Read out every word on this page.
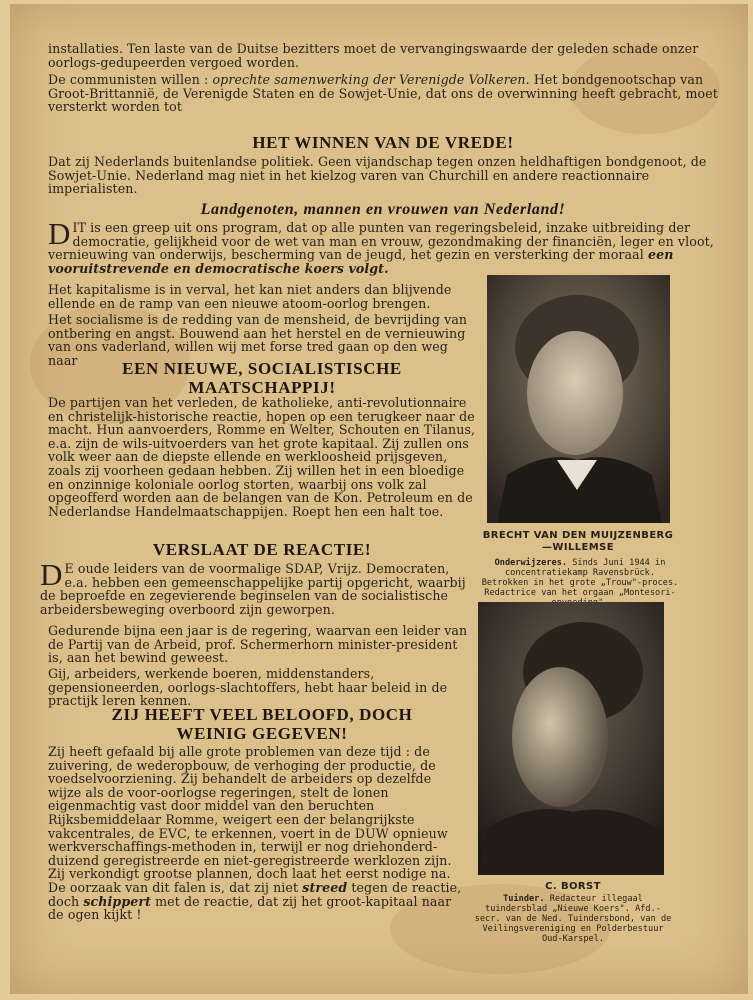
installaties. Ten laste van de Duitse bezitters moet de vervangingswaarde der geleden schade onzer oorlogs-gedupeerden vergoed worden.

De communisten willen : oprechte samenwerking der Verenigde Volkeren. Het bondgenootschap van Groot-Brittannië, de Verenigde Staten en de Sowjet-Unie, dat ons de overwinning heeft gebracht, moet versterkt worden tot

HET WINNEN VAN DE VREDE!

Dat zij Nederlands buitenlandse politiek. Geen vijandschap tegen onzen heldhaftigen bondgenoot, de Sowjet-Unie. Nederland mag niet in het kielzog varen van Churchill en andere reactionnaire imperialisten.

Landgenoten, mannen en vrouwen van Nederland!

D IT is een greep uit ons program, dat op alle punten van regeringsbeleid, inzake uitbreiding der democratie, gelijkheid voor de wet van man en vrouw, gezondmaking der financiën, leger en vloot, vernieuwing van onderwijs, bescherming van de jeugd, het gezin en versterking der moraal een vooruitstrevende en democratische koers volgt.

Het kapitalisme is in verval, het kan niet anders dan blijvende ellende en de ramp van een nieuwe atoom-oorlog brengen.

Het socialisme is de redding van de mensheid, de bevrijding van ontbering en angst. Bouwend aan het herstel en de vernieuwing van ons vaderland, willen wij met forse tred gaan op den weg naar	EEN NIEUWE, SOCIALISTISCHE
MAATSCHAPPIJ!

De partijen van het verleden, de katholieke, anti-revolutionnaire en christelijk-historische reactie, hopen op een terugkeer naar de macht. Hun aanvoerders, Romme en Welter, Schouten en Tilanus, e.a. zijn de wils-uitvoerders van het grote kapitaal. Zij zullen ons volk weer aan de diepste ellende en werkloosheid prijsgeven, zoals zij voorheen gedaan hebben. Zij willen het in een bloedige en onzinnige koloniale oorlog storten, waarbij ons volk zal opgeofferd worden aan de belangen van de Kon. Petroleum en de Nederlandse Handelmaatschappijen. Roept hen een halt toe.

VERSLAAT DE REACTIE!

D E oude leiders van de voormalige SDAP, Vrijz. Democraten, e.a. hebben een gemeenschappelijke partij opgericht, waarbij de beproefde en zegevierende beginselen van de socialistische arbeidersbeweging overboord zijn geworpen.

Gedurende bijna een jaar is de regering, waarvan een leider van de Partij van de Arbeid, prof. Schermerhorn minister-president is, aan het bewind geweest.

Gij, arbeiders, werkende boeren, middenstanders, gepensioneerden, oorlogs-slachtoffers, hebt haar beleid in de practijk leren kennen.

ZIJ HEEFT VEEL BELOOFD, DOCH
WEINIG GEGEVEN!

Zij heeft gefaald bij alle grote problemen van deze tijd : de zuivering, de wederopbouw, de verhoging der productie, de voedselvoorziening. Zij behandelt de arbeiders op dezelfde wijze als de voor-oorlogse regeringen, stelt de lonen eigenmachtig vast door middel van den beruchten Rijksbemiddelaar Romme, weigert een der belangrijkste vakcentrales, de EVC, te erkennen, voert in de DUW opnieuw werkverschaffings-methoden in, terwijl er nog driehonderd-duizend geregistreerde en niet-geregistreerde werklozen zijn. Zij verkondigt grootse plannen, doch laat het eerst nodige na. De oorzaak van dit falen is, dat zij niet streed tegen de reactie, doch schippert met de reactie, dat zij het groot-kapitaal naar de ogen kijkt !

BRECHT VAN DEN MUIJZENBERG —WILLEMSE
Onderwijzeres. Sinds Juni 1944 in concentratiekamp Ravensbrück. Betrokken in het grote „Trouw"-proces. Redactrice van het orgaan „Montesori-
C. BORST
Tuinder. Redacteur illegaal tuindersblad „Nieuwe Koers". Afd.-secr. van de Ned. Tuindersbond, van de Veilingsvereniging en Polderbestuur Oud-Karspel.
